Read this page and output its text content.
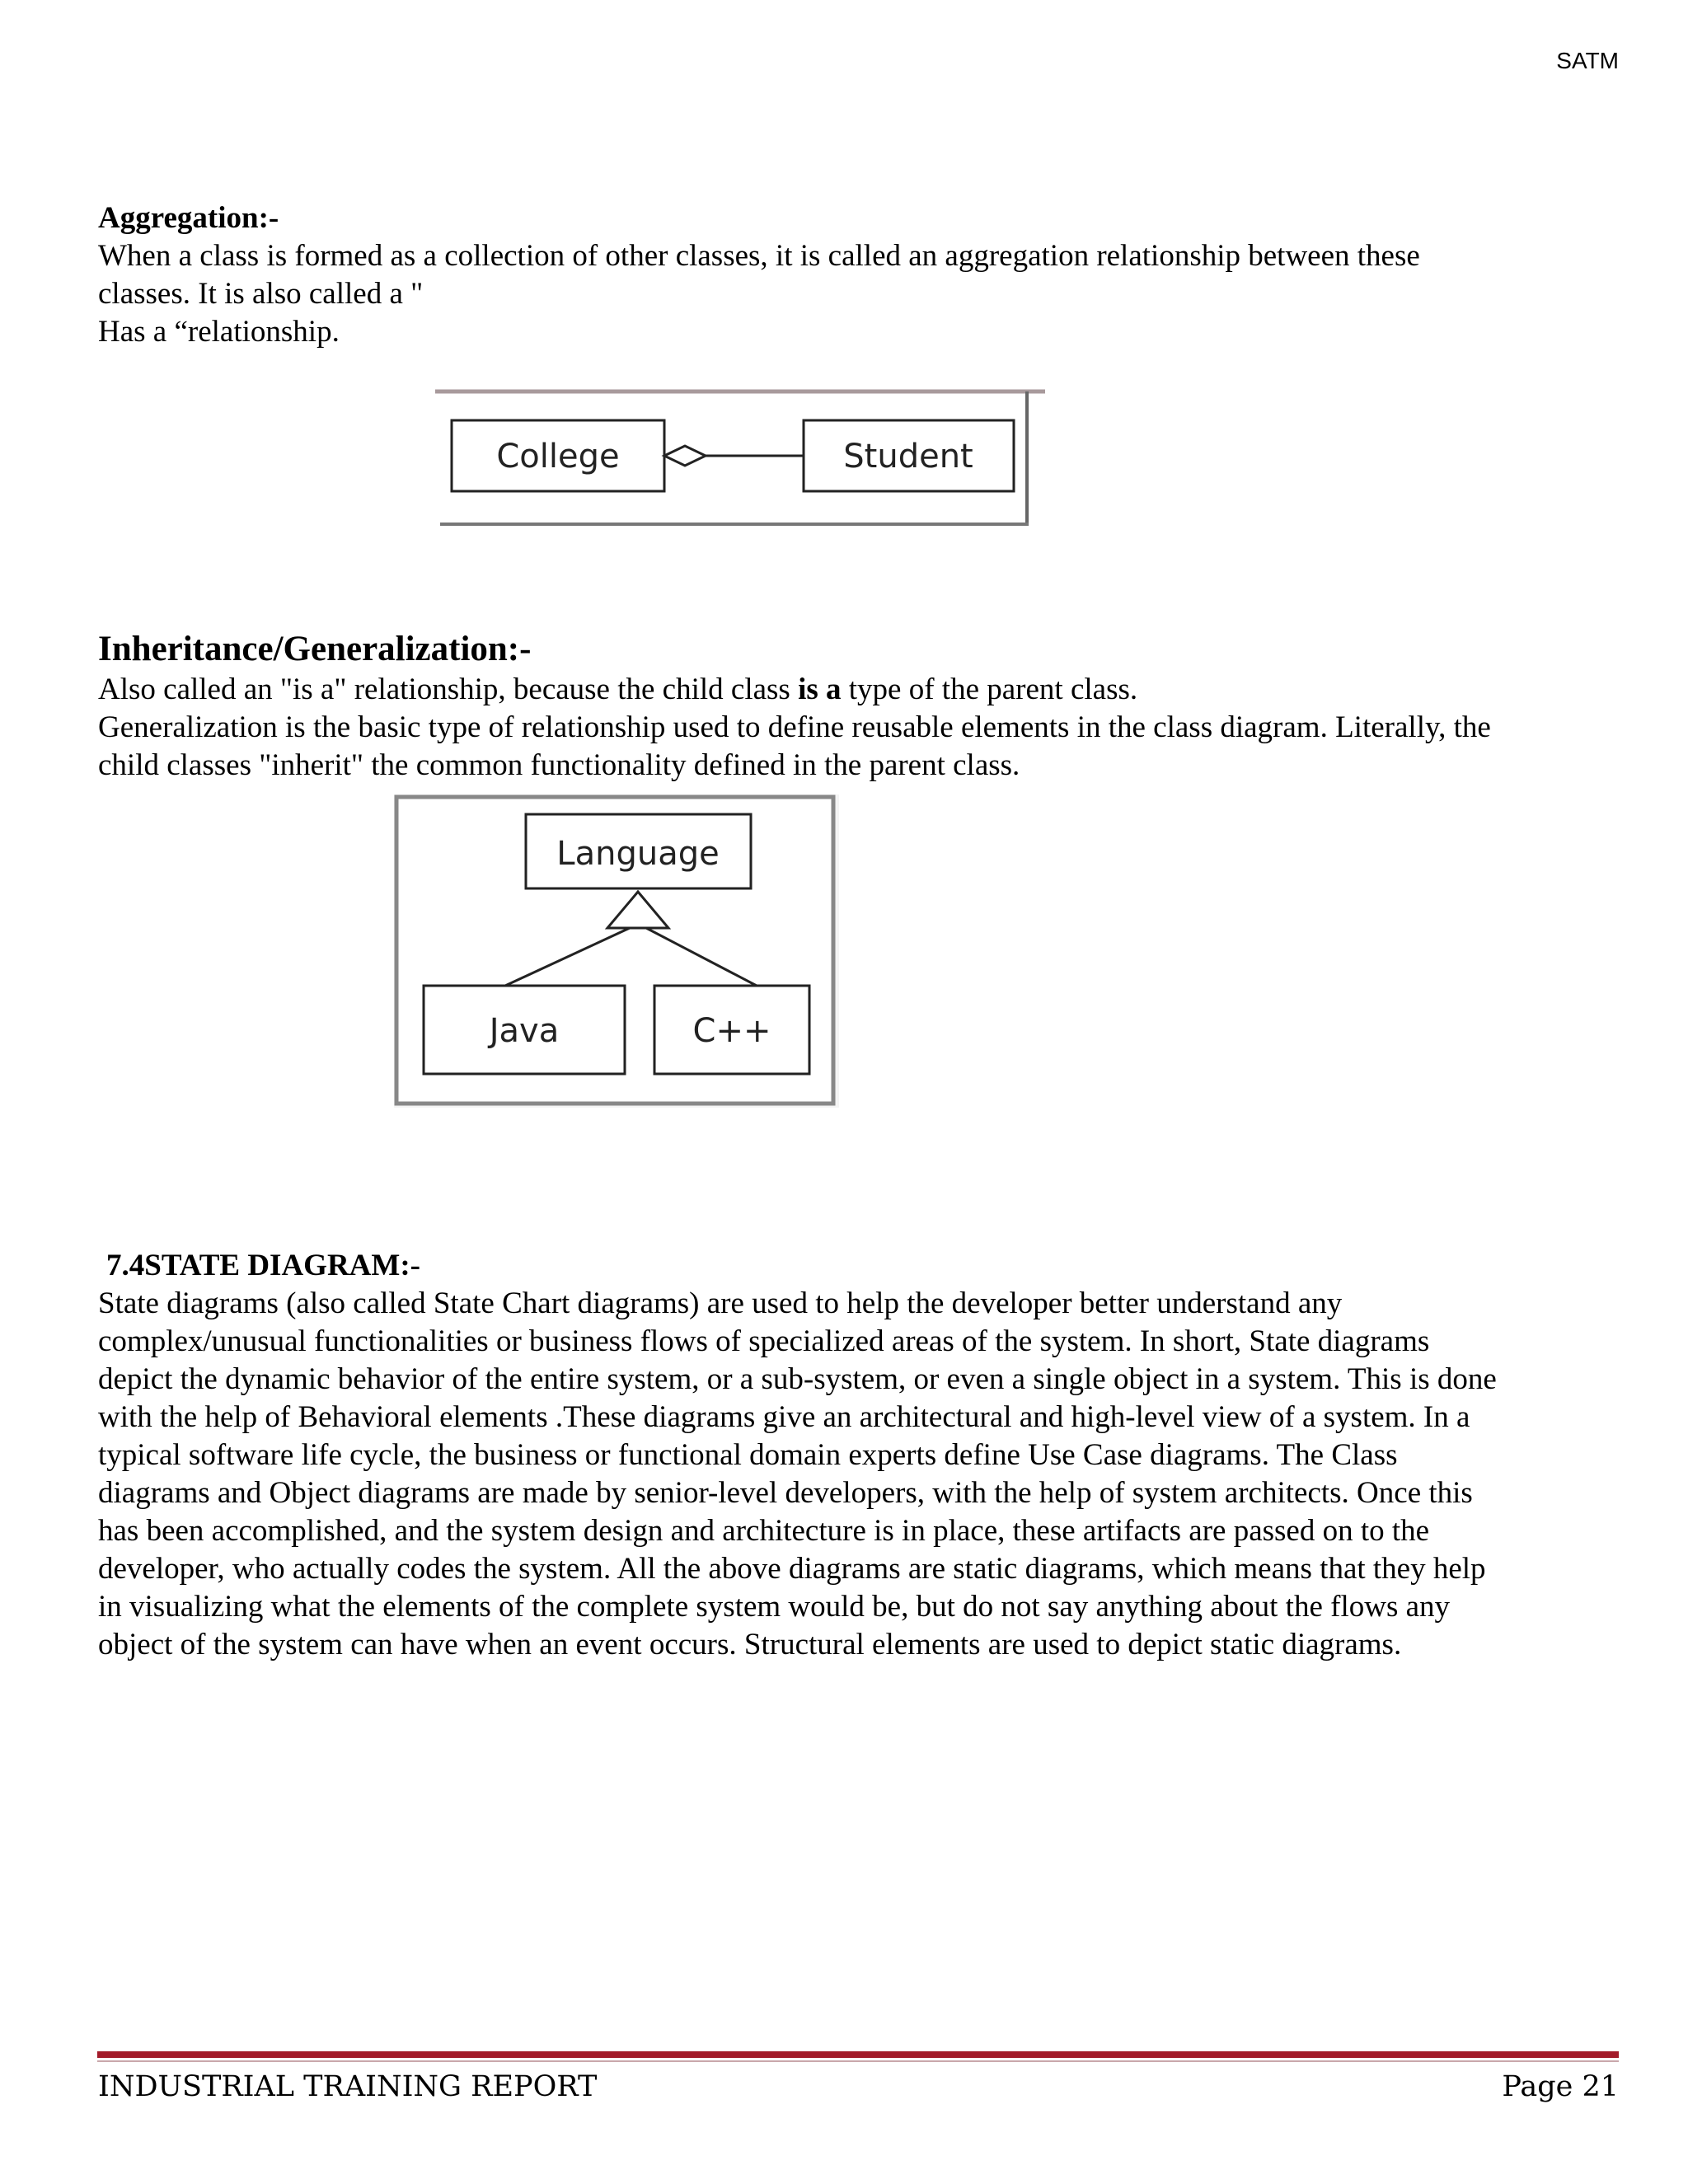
SATM
Aggregation:-
When a class is formed as a collection of other classes, it is called an aggregation relationship between these
classes. It is also called a "
Has a “relationship.
College	Student
Inheritance/Generalization:-
Also called an "is a" relationship, because the child class is a type of the parent class.
Generalization is the basic type of relationship used to define reusable elements in the class diagram. Literally, the
child classes "inherit" the common functionality defined in the parent class.
Language
Java	C++
7.4STATE DIAGRAM:-
State diagrams (also called State Chart diagrams) are used to help the developer better understand any
complex/unusual functionalities or business flows of specialized areas of the system. In short, State diagrams
depict the dynamic behavior of the entire system, or a sub-system, or even a single object in a system. This is done
with the help of Behavioral elements .These diagrams give an architectural and high-level view of a system. In a
typical software life cycle, the business or functional domain experts define Use Case diagrams. The Class
diagrams and Object diagrams are made by senior-level developers, with the help of system architects. Once this
has been accomplished, and the system design and architecture is in place, these artifacts are passed on to the
developer, who actually codes the system. All the above diagrams are static diagrams, which means that they help
in visualizing what the elements of the complete system would be, but do not say anything about the flows any
object of the system can have when an event occurs. Structural elements are used to depict static diagrams.
INDUSTRIAL TRAINING REPORT	Page 21
